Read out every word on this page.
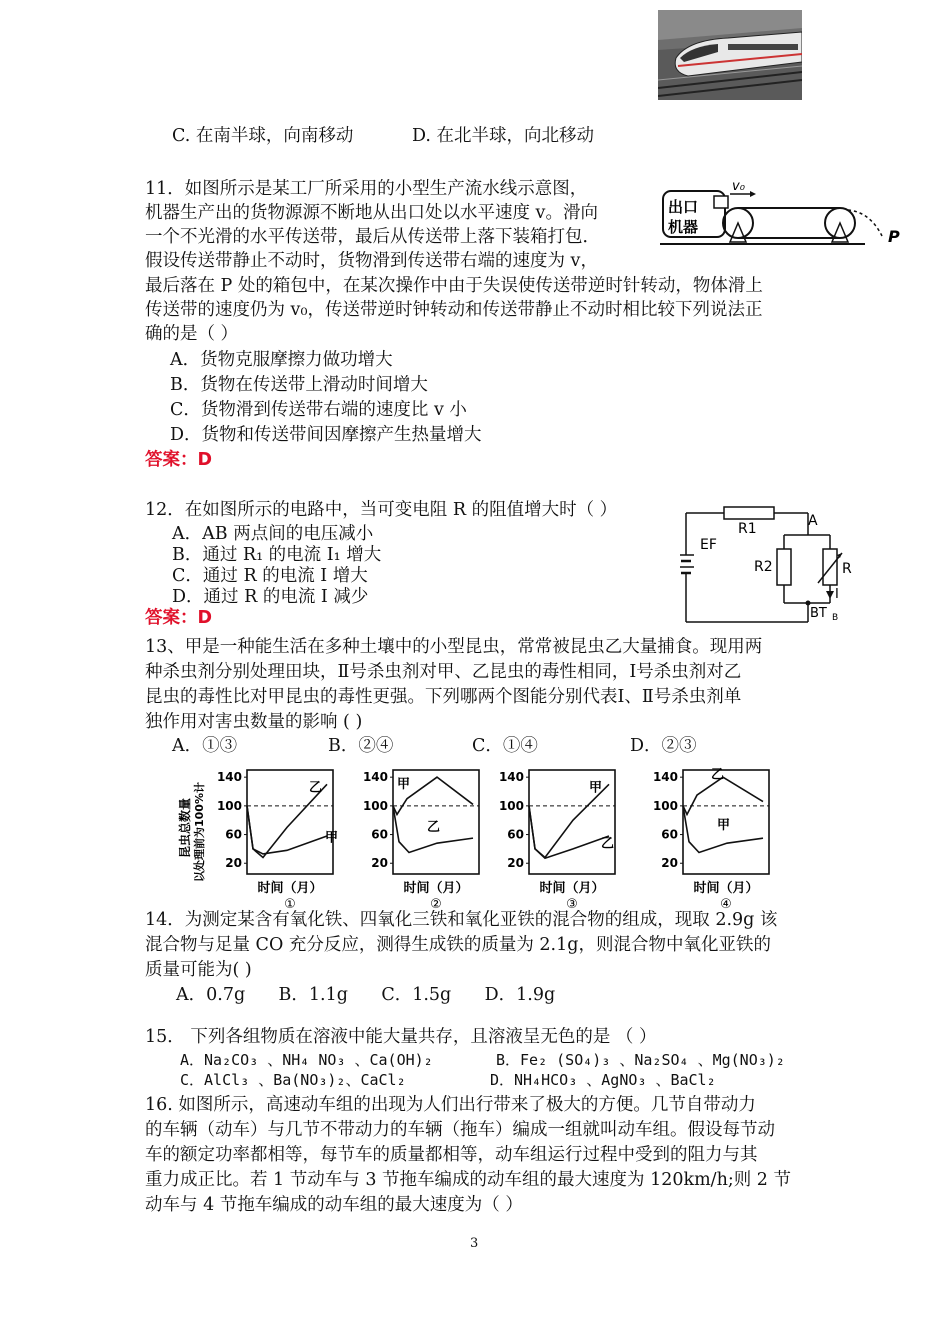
C. 在南半球，向南移动	D. 在北半球，向北移动
11．如图所示是某工厂所采用的小型生产流水线示意图，
机器生产出的货物源源不断地从出口处以水平速度 v。滑向
一个不光滑的水平传送带，最后从传送带上落下装箱打包．
假设传送带静止不动时，货物滑到传送带右端的速度为 v，
最后落在 P 处的箱包中，在某次操作中由于失误使传送带逆时针转动，物体滑上
传送带的速度仍为 v₀，传送带逆时钟转动和传送带静止不动时相比较下列说法正
确的是（ ）
A．货物克服摩擦力做功增大
B．货物在传送带上滑动时间增大
C．货物滑到传送带右端的速度比 v 小
D．货物和传送带间因摩擦产生热量增大
答案：D
出口
机器
v₀
P
12．在如图所示的电路中，当可变电阻 R 的阻值增大时（ ）
A．AB 两点间的电压减小
B．通过 R₁ 的电流 I₁ 增大
C．通过 R 的电流 I 增大
D．通过 R 的电流 I 减少
答案：D
R1	A
EF
R2	R
I
BT B
13、甲是一种能生活在多种土壤中的小型昆虫，常常被昆虫乙大量捕食。现用两
种杀虫剂分别处理田块，Ⅱ号杀虫剂对甲、乙昆虫的毒性相同，Ⅰ号杀虫剂对乙
昆虫的毒性比对甲昆虫的毒性更强。下列哪两个图能分别代表Ⅰ、Ⅱ号杀虫剂单
独作用对害虫数量的影响 ( )
A．①③	B．②④	C．①④	D．②③
昆虫总数量 以处理前为100%计
140
100
60
20
乙
甲
时间（月）
①
140
100
60
20
甲
乙
时间（月）
②
140
100
60
20
甲
乙
时间（月）
③
140
100
60
20
乙
甲
时间（月）
④
14．为测定某含有氧化铁、四氧化三铁和氧化亚铁的混合物的组成，现取 2.9g 该
混合物与足量 CO 充分反应，测得生成铁的质量为 2.1g，则混合物中氧化亚铁的
质量可能为( )
A．0.7g      B．1.1g      C．1.5g      D．1.9g
15． 下列各组物质在溶液中能大量共存，且溶液呈无色的是 （ ）
A．Na₂CO₃ 、NH₄ NO₃ 、Ca(OH)₂	B．Fe₂ (SO₄)₃ 、Na₂SO₄ 、Mg(NO₃)₂
C．AlCl₃ 、Ba(NO₃)₂、CaCl₂	D．NH₄HCO₃ 、AgNO₃ 、BaCl₂
16. 如图所示，高速动车组的出现为人们出行带来了极大的方便。几节自带动力
的车辆（动车）与几节不带动力的车辆（拖车）编成一组就叫动车组。假设每节动
车的额定功率都相等，每节车的质量都相等，动车组运行过程中受到的阻力与其
重力成正比。若 1 节动车与 3 节拖车编成的动车组的最大速度为 120km/h;则 2 节
动车与 4 节拖车编成的动车组的最大速度为（ ）
3
